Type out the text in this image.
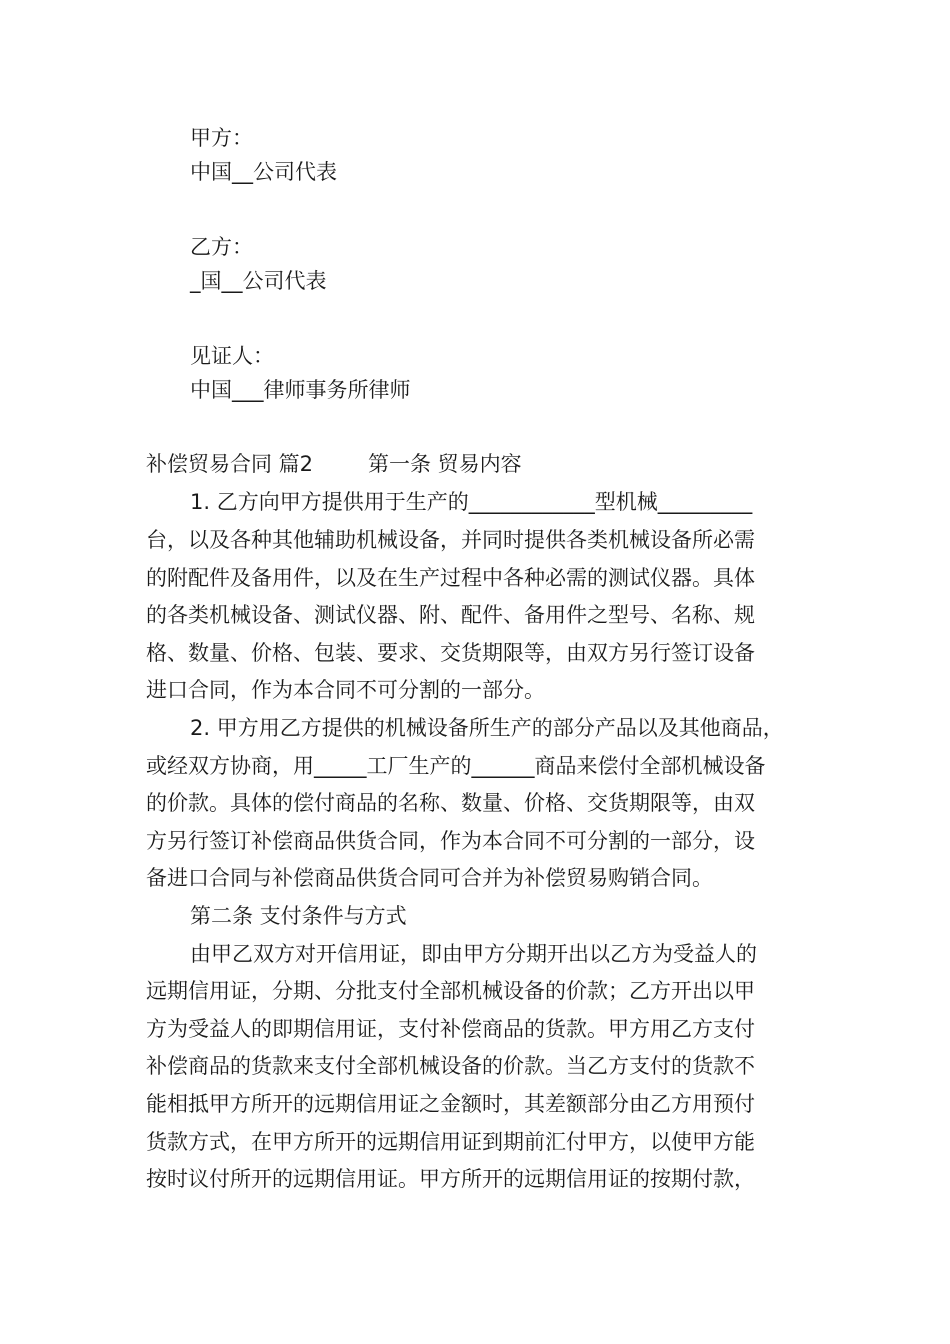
甲方：
中国__公司代表
乙方：
_国__公司代表
见证人：
中国___律师事务所律师
补偿贸易合同 篇2	第一条 贸易内容
1. 乙方向甲方提供用于生产的____________型机械_________
台，以及各种其他辅助机械设备，并同时提供各类机械设备所必需
的附配件及备用件，以及在生产过程中各种必需的测试仪器。具体
的各类机械设备、测试仪器、附、配件、备用件之型号、名称、规
格、数量、价格、包装、要求、交货期限等，由双方另行签订设备
进口合同，作为本合同不可分割的一部分。
2. 甲方用乙方提供的机械设备所生产的部分产品以及其他商品，
或经双方协商，用_____工厂生产的______商品来偿付全部机械设备
的价款。具体的偿付商品的名称、数量、价格、交货期限等，由双
方另行签订补偿商品供货合同，作为本合同不可分割的一部分，设
备进口合同与补偿商品供货合同可合并为补偿贸易购销合同。
第二条 支付条件与方式
由甲乙双方对开信用证，即由甲方分期开出以乙方为受益人的
远期信用证，分期、分批支付全部机械设备的价款；乙方开出以甲
方为受益人的即期信用证，支付补偿商品的货款。甲方用乙方支付
补偿商品的货款来支付全部机械设备的价款。当乙方支付的货款不
能相抵甲方所开的远期信用证之金额时，其差额部分由乙方用预付
货款方式，在甲方所开的远期信用证到期前汇付甲方，以使甲方能
按时议付所开的远期信用证。甲方所开的远期信用证的按期付款，
